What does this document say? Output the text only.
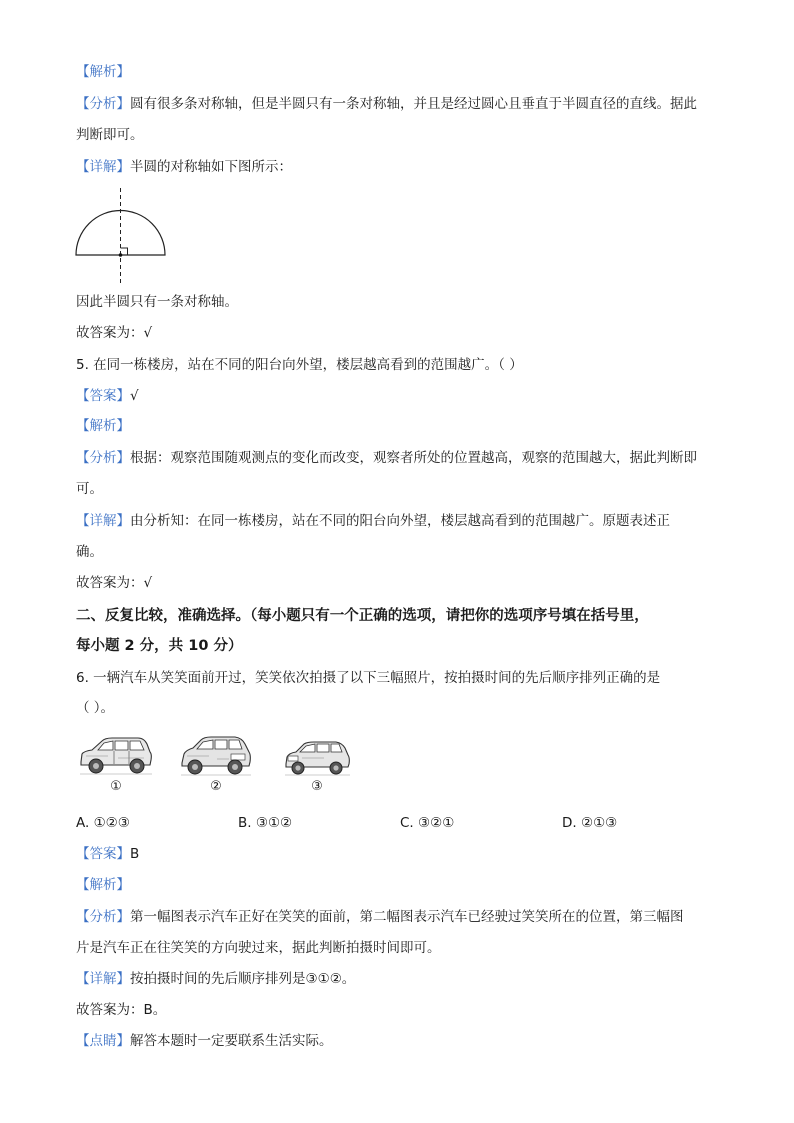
【解析】
【分析】圆有很多条对称轴，但是半圆只有一条对称轴，并且是经过圆心且垂直于半圆直径的直线。据此
判断即可。
【详解】半圆的对称轴如下图所示：
因此半圆只有一条对称轴。
故答案为：√
5. 在同一栋楼房，站在不同的阳台向外望，楼层越高看到的范围越广。（ ）
【答案】√
【解析】
【分析】根据：观察范围随观测点的变化而改变，观察者所处的位置越高，观察的范围越大，据此判断即
可。
【详解】由分析知：在同一栋楼房，站在不同的阳台向外望，楼层越高看到的范围越广。原题表述正
确。
故答案为：√
二、反复比较，准确选择。（每小题只有一个正确的选项，请把你的选项序号填在括号里，
每小题 2 分，共 10 分）
6. 一辆汽车从笑笑面前开过，笑笑依次拍摄了以下三幅照片，按拍摄时间的先后顺序排列正确的是
（ ）。
①	②	③
A. ①②③	B. ③①②	C. ③②①	D. ②①③
【答案】B
【解析】
【分析】第一幅图表示汽车正好在笑笑的面前，第二幅图表示汽车已经驶过笑笑所在的位置，第三幅图
片是汽车正在往笑笑的方向驶过来，据此判断拍摄时间即可。
【详解】按拍摄时间的先后顺序排列是③①②。
故答案为：B。
【点睛】解答本题时一定要联系生活实际。
